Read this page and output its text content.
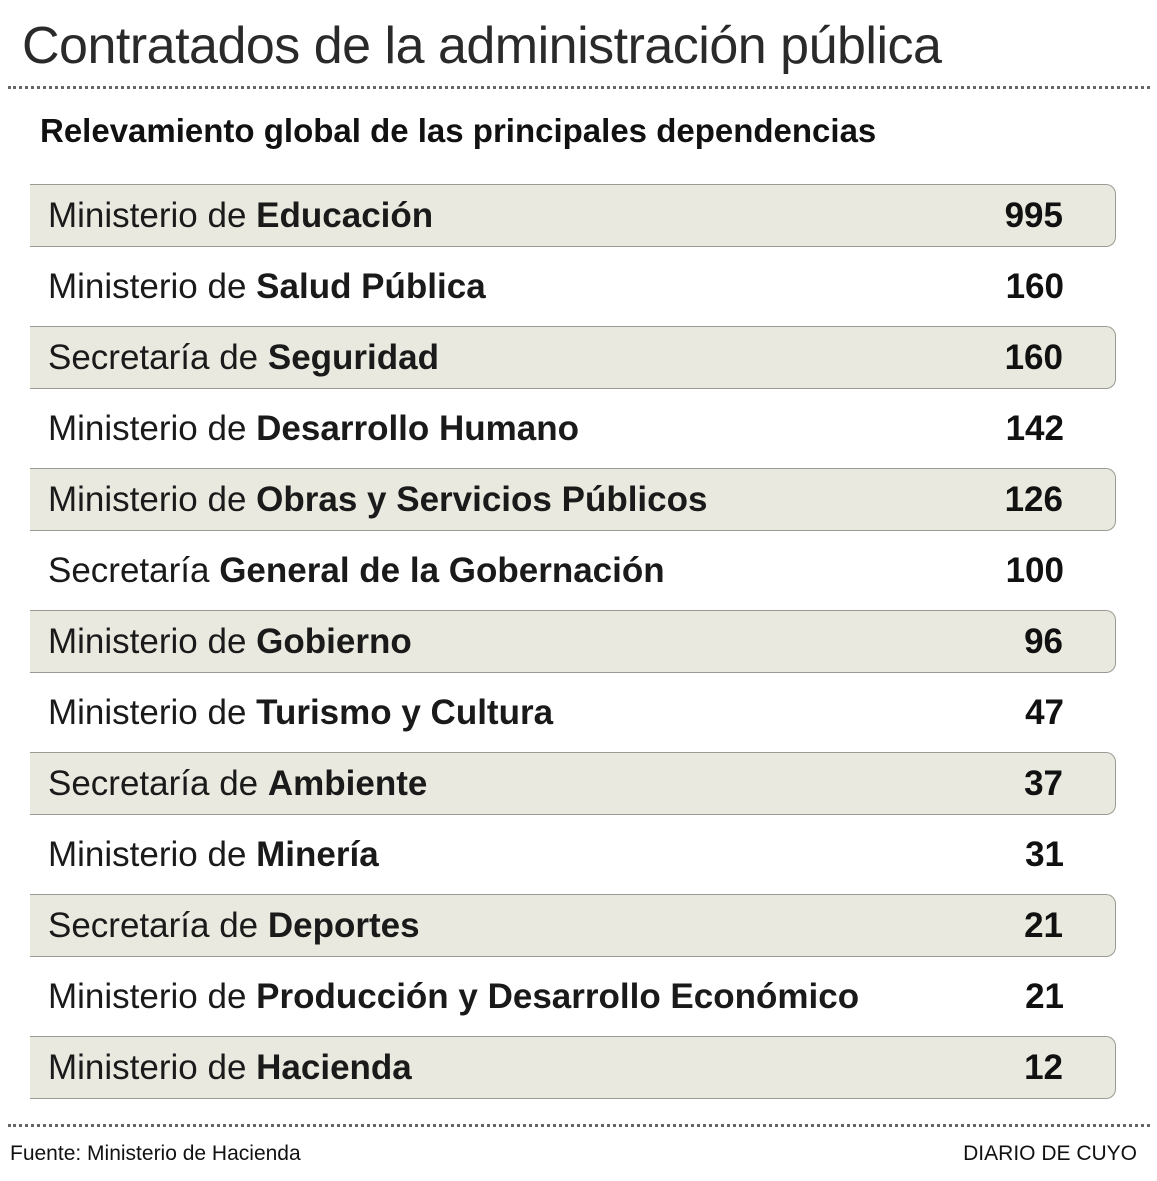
Contratados de la administración pública
Relevamiento global de las principales dependencias
Ministerio de Educación	995
Ministerio de Salud Pública	160
Secretaría de Seguridad	160
Ministerio de Desarrollo Humano	142
Ministerio de Obras y Servicios Públicos	126
Secretaría General de la Gobernación	100
Ministerio de Gobierno	96
Ministerio de Turismo y Cultura	47
Secretaría de Ambiente	37
Ministerio de Minería	31
Secretaría de Deportes	21
Ministerio de Producción y Desarrollo Económico	21
Ministerio de Hacienda	12
Fuente: Ministerio de Hacienda	DIARIO DE CUYO
